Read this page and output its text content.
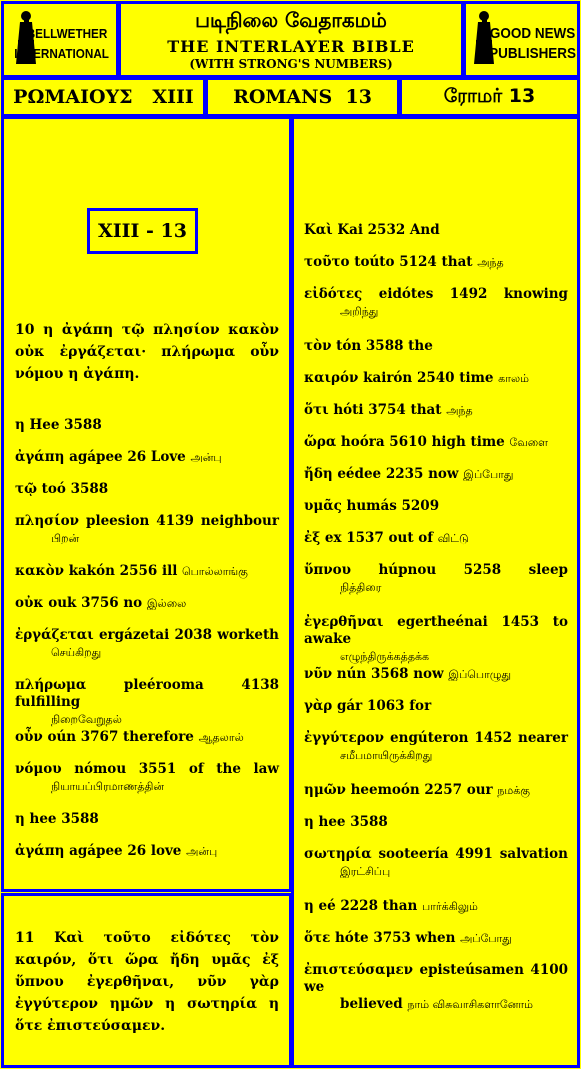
BELLWETHER
INTERNATIONAL
படிநிலை வேதாகமம்
THE INTERLAYER BIBLE
(WITH STRONG'S NUMBERS)
GOOD NEWS
PUBLISHERS
ΡΩΜΑΙΟΥΣ   XIII ROMANS  13	ரோமர் 13
XIII - 13
10 η ἀγάπη τῷ πλησίον κακὸν οὐκ ἐργάζεται· πλήρωμα οὖν νόμου η ἀγάπη.
η Hee 3588
ἀγάπη agápee 26 Love அன்பு
τῷ toó 3588
πλησίον pleesion 4139 neighbour
பிறன்
κακὸν kakón 2556 ill பொல்லாங்கு
οὐκ ouk 3756 no இல்லை
ἐργάζεται ergázetai 2038 worketh
செய்கிறது
πλήρωμα pleérooma 4138 fulfilling
நிறைவேறுதல்
οὖν oún 3767 therefore ஆதலால்
νόμου nómou 3551 of the law
நியாயப்பிரமாணத்தின்
η hee 3588
ἀγάπη agápee 26 love அன்பு
11 Καὶ τοῦτο εἰδότες τὸν καιρόν, ὅτι ὥρα ἤδη υμᾶς ἐξ ὕπνου ἐγερθῆναι, νῦν γὰρ ἐγγύτερον ημῶν η σωτηρία η ὅτε ἐπιστεύσαμεν.
Καὶ Kai 2532 And
τοῦτο toúto 5124 that அந்த
εἰδότες eidótes 1492 knowing
அறிந்து
τὸν tón 3588 the
καιρόν kairón 2540 time காலம்
ὅτι hóti 3754 that அந்த
ὥρα hoóra 5610 high time வேளை
ἤδη eédee 2235 now இப்போது
υμᾶς humás 5209
ἐξ ex 1537 out of விட்டு
ὕπνου húpnou 5258 sleep
நித்திரை
ἐγερθῆναι egertheénai 1453 to awake
எழுந்திருக்கத்தக்க
νῦν nún 3568 now இப்பொழுது
γὰρ gár 1063 for
ἐγγύτερον engúteron 1452 nearer
சமீபமாயிருக்கிறது
ημῶν heemoón 2257 our நமக்கு
η hee 3588
σωτηρία sooteería 4991 salvation
இரட்சிப்பு
η eé 2228 than பார்க்கிலும்
ὅτε hóte 3753 when அப்போது
ἐπιστεύσαμεν episteúsamen 4100 we
believed நாம் விசுவாசிகளானோம்
